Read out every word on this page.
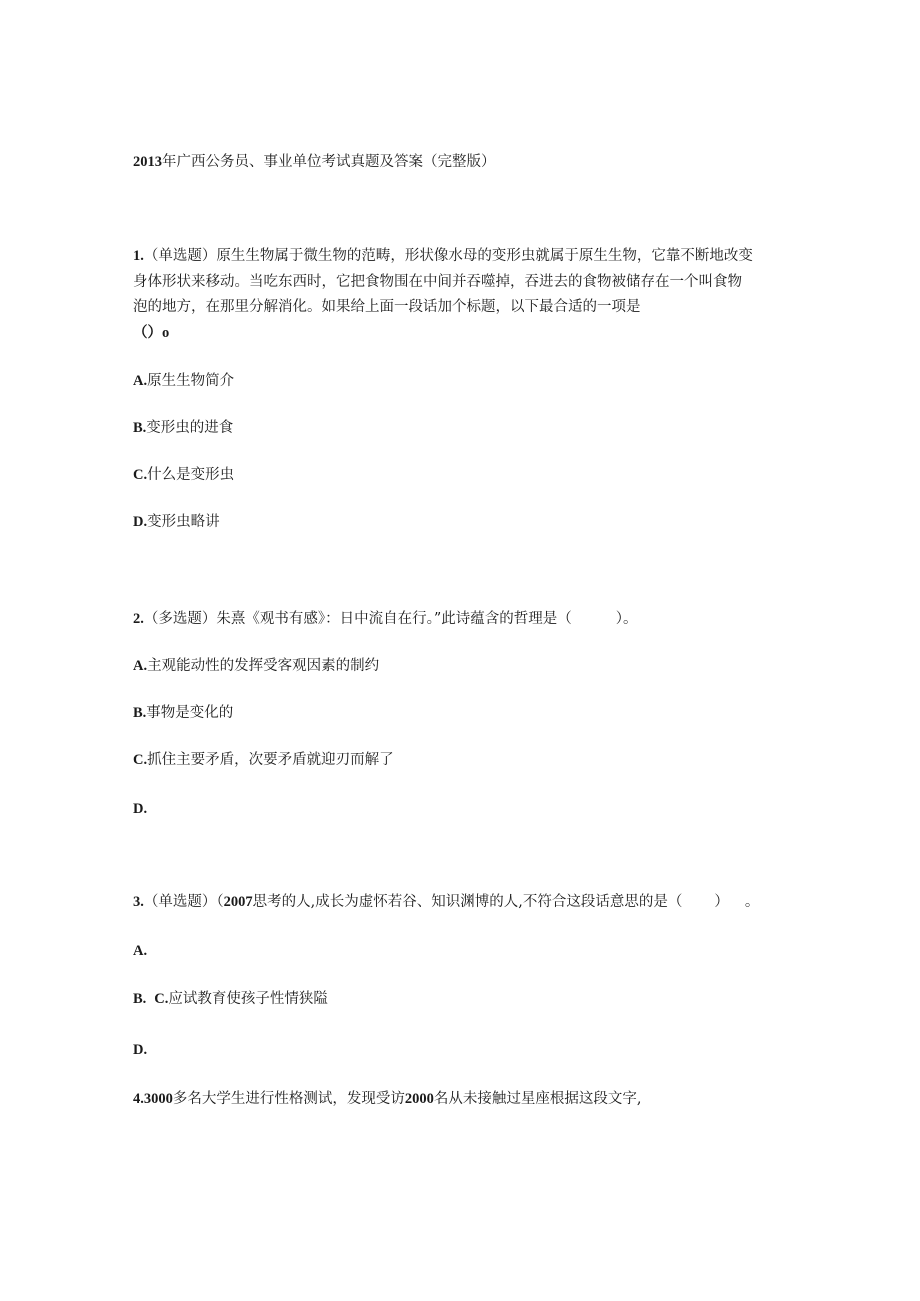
2013年广西公务员、事业单位考试真题及答案（完整版）
1.（单选题）原生生物属于微生物的范畴，形状像水母的变形虫就属于原生生物，它靠不断地改变
身体形状来移动。当吃东西时，它把食物围在中间并吞噬掉，吞进去的食物被储存在一个叫食物
泡的地方，在那里分解消化。如果给上面一段话加个标题，以下最合适的一项是
（）o
A.原生生物简介
B.变形虫的进食
C.什么是变形虫
D.变形虫略讲
2.（多选题）朱熹《观书有感》：日中流自在行。”此诗蕴含的哲理是（	）。
A.主观能动性的发挥受客观因素的制约
B.事物是变化的
C.抓住主要矛盾，次要矛盾就迎刃而解了
D.
3.（单选题）（2007思考的人,成长为虚怀若谷、知识渊博的人,不符合这段话意思的是（ ） 。
A.
B. C.应试教育使孩子性情狭隘
D.
4.3000多名大学生进行性格测试，发现受访2000名从未接触过星座根据这段文字,
